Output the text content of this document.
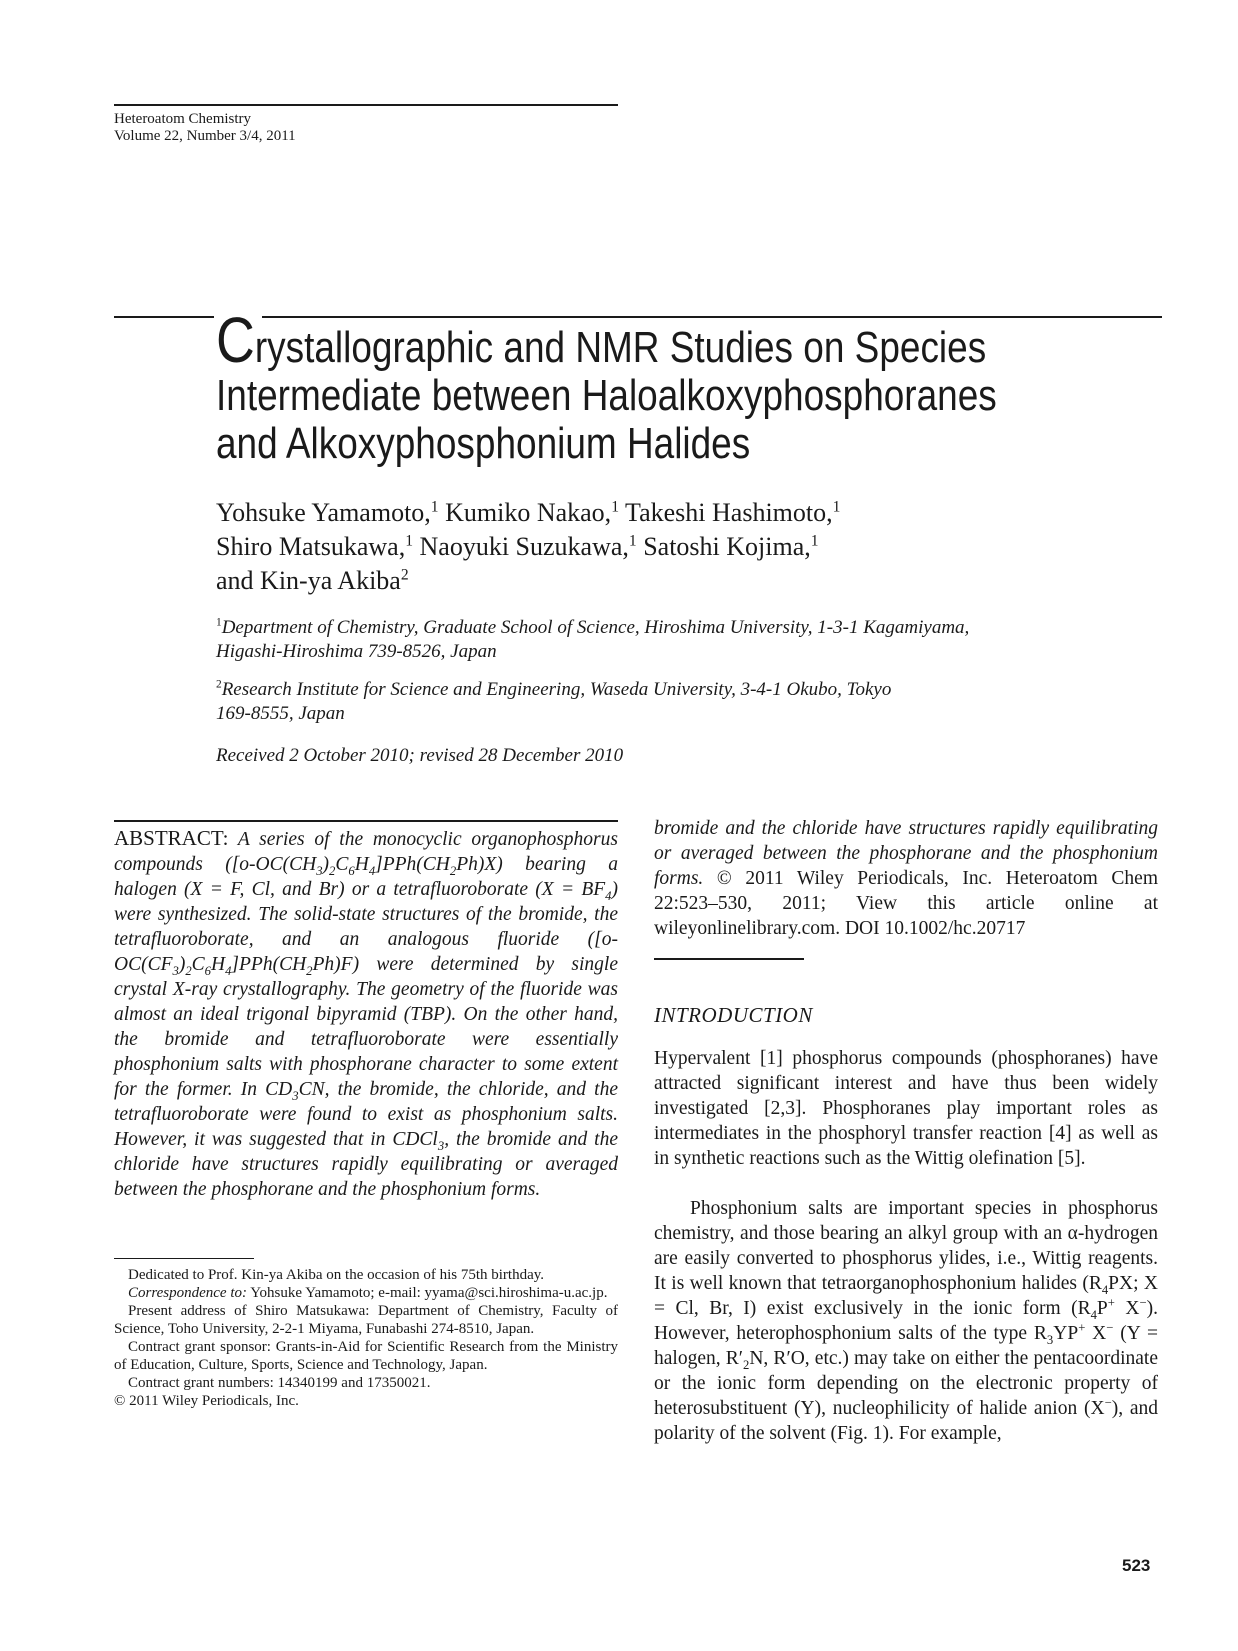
Heteroatom Chemistry
Volume 22, Number 3/4, 2011
Crystallographic and NMR Studies on Species
Intermediate between Haloalkoxyphosphoranes
and Alkoxyphosphonium Halides
Yohsuke Yamamoto,$^1$ Kumiko Nakao,$^1$ Takeshi Hashimoto,$^1$
Shiro Matsukawa,$^1$ Naoyuki Suzukawa,$^1$ Satoshi Kojima,$^1$
and Kin-ya Akiba$^2$
$^1$Department of Chemistry, Graduate School of Science, Hiroshima University, 1-3-1 Kagamiyama,
Higashi-Hiroshima 739-8526, Japan
$^2$Research Institute for Science and Engineering, Waseda University, 3-4-1 Okubo, Tokyo
169-8555, Japan
Received 2 October 2010; revised 28 December 2010
ABSTRACT: A series of the monocyclic organophosphorus compounds $([o-OC(CH_3)_2C_6H_4]PPh(CH_2Ph)X)$ bearing a halogen (X = F, Cl, and Br) or a tetrafluoroborate $(X = BF_4)$ were synthesized. The solid-state structures of the bromide, the tetrafluoroborate, and an analogous fluoride $([o-OC(CF_3)_2C_6H_4]PPh(CH_2Ph)F)$ were determined by single crystal X-ray crystallography. The geometry of the fluoride was almost an ideal trigonal bipyramid (TBP). On the other hand, the bromide and tetrafluoroborate were essentially phosphonium salts with phosphorane character to some extent for the former. In $CD_3CN$, the bromide, the chloride, and the tetrafluoroborate were found to exist as phosphonium salts. However, it was suggested that in CDCl$_3$, the bromide and the chloride have structures rapidly equilibrating or averaged between the phosphorane and the phosphonium forms.
bromide and the chloride have structures rapidly equilibrating or averaged between the phosphorane and the phosphonium forms. © 2011 Wiley Periodicals, Inc. Heteroatom Chem 22:523–530, 2011; View this article online at wileyonlinelibrary.com. DOI 10.1002/hc.20717
INTRODUCTION
Hypervalent [1] phosphorus compounds (phosphoranes) have attracted significant interest and have thus been widely investigated [2,3]. Phosphoranes play important roles as intermediates in the phosphoryl transfer reaction [4] as well as in synthetic reactions such as the Wittig olefination [5].
Phosphonium salts are important species in phosphorus chemistry, and those bearing an alkyl group with an α-hydrogen are easily converted to phosphorus ylides, i.e., Wittig reagents. It is well known that tetraorganophosphonium halides ($R_4PX$; X = Cl, Br, I) exist exclusively in the ionic form ($R_4P^+$ X−). However, heterophosphonium salts of the type $R_3YP^+$ X− (Y = halogen, $R'_2N$, R′O, etc.) may take on either the pentacoordinate or the ionic form depending on the electronic property of heterosubstituent (Y), nucleophilicity of halide anion (X−), and polarity of the solvent (Fig. 1). For example,

Dedicated to Prof. Kin-ya Akiba on the occasion of his 75th birthday.

Correspondence to: Yohsuke Yamamoto; e-mail: yyama@sci.hiroshima-u.ac.jp.

Present address of Shiro Matsukawa: Department of Chemistry, Faculty of Science, Toho University, 2-2-1 Miyama, Funabashi 274-8510, Japan.

Contract grant sponsor: Grants-in-Aid for Scientific Research from the Ministry of Education, Culture, Sports, Science and Technology, Japan.

Contract grant numbers: 14340199 and 17350021.

© 2011 Wiley Periodicals, Inc.

523
